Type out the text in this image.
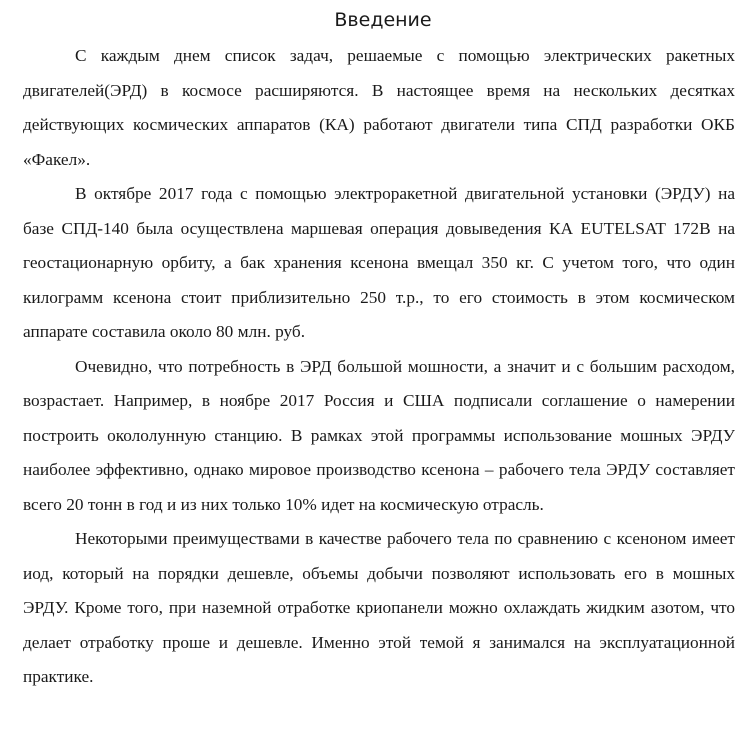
Введение

С каждым днем список задач, решаемые с помощью электрических ракетных двигателей(ЭРД) в космосе расширяются. В настоящее время на нескольких десятках действующих космических аппаратов (КА) работают двигатели типа СПД разработки ОКБ «Факел».

В октябре 2017 года с помощью электроракетной двигательной установки (ЭРДУ) на базе СПД-140 была осуществлена маршевая операция довыведения КА EUTELSAT 172B на геостационарную орбиту, а бак хранения ксенона вмещал 350 кг. С учетом того, что один килограмм ксенона стоит приблизительно 250 т.р., то его стоимость в этом космическом аппарате составила около 80 млн. руб.

Очевидно, что потребность в ЭРД большой мошности, а значит и с большим расходом, возрастает. Например, в ноябре 2017 Россия и США подписали соглашение о намерении построить окололунную станцию. В рамках этой программы использование мошных ЭРДУ наиболее эффективно, однако мировое производство ксенона – рабочего тела ЭРДУ составляет всего 20 тонн в год и из них только 10% идет на космическую отрасль.

Некоторыми преимуществами в качестве рабочего тела по сравнению с ксеноном имеет иод, который на порядки дешевле, объемы добычи позволяют использовать его в мошных ЭРДУ. Кроме того, при наземной отработке криопанели можно охлаждать жидким азотом, что делает отработку проше и дешевле. Именно этой темой я занимался на эксплуатационной практике.
